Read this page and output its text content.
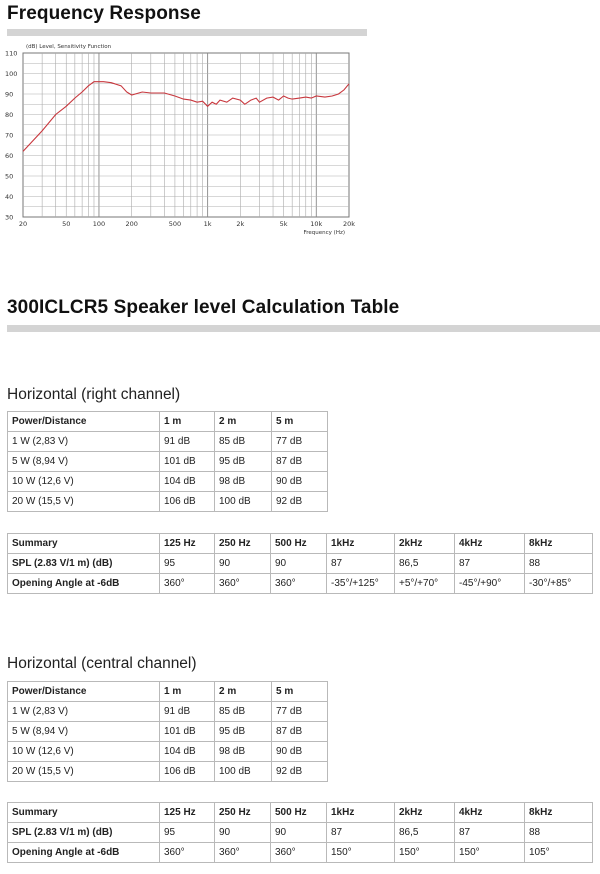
Frequency Response
30
40
50
60
70
80
90
100
110
20	50	100	200	500	1k	2k	5k	10k	20k
(dB) Level, Sensitivity Function
Frequency (Hz)
300ICLCR5 Speaker level Calculation Table
Horizontal (right channel)
Power/Distance	1 m	2 m	5 m
1 W (2,83 V)	91 dB	85 dB	77 dB
5 W (8,94 V)	101 dB	95 dB	87 dB
10 W (12,6 V)	104 dB	98 dB	90 dB
20 W (15,5 V)	106 dB	100 dB	92 dB
Summary	125 Hz	250 Hz	500 Hz	1kHz	2kHz	4kHz	8kHz
SPL (2.83 V/1 m) (dB)	95	90	90	87	86,5	87	88
Opening Angle at -6dB	360°	360°	360°	-35°/+125°	+5°/+70°	-45°/+90°	-30°/+85°
Horizontal (central channel)
Power/Distance	1 m	2 m	5 m
1 W (2,83 V)	91 dB	85 dB	77 dB
5 W (8,94 V)	101 dB	95 dB	87 dB
10 W (12,6 V)	104 dB	98 dB	90 dB
20 W (15,5 V)	106 dB	100 dB	92 dB
Summary	125 Hz	250 Hz	500 Hz	1kHz	2kHz	4kHz	8kHz
SPL (2.83 V/1 m) (dB)	95	90	90	87	86,5	87	88
Opening Angle at -6dB	360°	360°	360°	150°	150°	150°	105°
